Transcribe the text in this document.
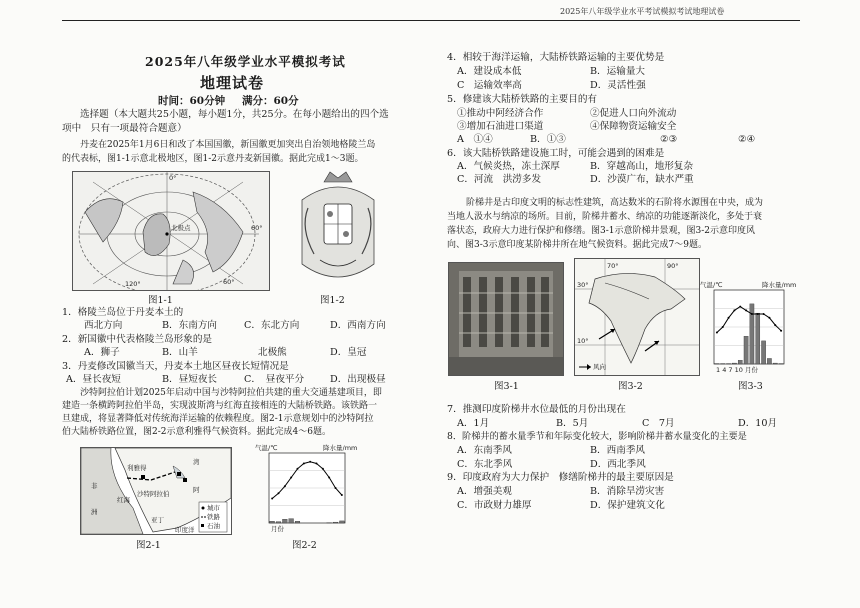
2025年八年级学业水平考试模拟考试地理试卷
2025年八年级学业水平模拟考试
地理试卷
时间：60分钟 满分：60分
选择题（本大题共25小题，每小题1分，共25分。在每小题给出的四个选
项中　只有一项最符合题意）
丹麦在2025年1月6日和改了本国国徽，新国徽更加突出自治领地格陵兰岛
的代表标，图1-1示意北极地区，图1-2示意丹麦新国徽。据此完成1～3题。
北极点
60°
120°
60°
0°
图1-1	图1-2
1．格陵兰岛位于丹麦本土的
西北方向	B．东南方向	C．东北方向	D．西南方向
2．新国徽中代表格陵兰岛形象的是
A．狮子	B．山羊	北极熊	D．皇冠
3．丹麦修改国徽当天，丹麦本土地区昼夜长短情况是
A．昼长夜短	B．昼短夜长	C．　昼夜平分	D．出现极昼
沙特阿拉伯计划2025年启动中国与沙特阿拉伯共建的重大交通基建项目，即
建造一条横跨阿拉伯半岛，实现波斯湾与红海直接相连的大陆桥铁路。该铁路一
旦建成，将显著降低对传统海洋运输的依赖程度。图2-1示意规划中的沙特阿拉
伯大陆桥铁路位置，图2-2示意利雅得气候资料。据此完成4～6题。
利雅得
沙特阿拉伯
湾
阿
红海
非
洲
亚丁
印度洋
城市
铁路
石油
图2-1
气温/℃	降水量/mm
月份
图2-2
4．相较于海洋运输，大陆桥铁路运输的主要优势是
A．建设成本低	B．运输量大
C　运输效率高	D．灵活性强
5．修建该大陆桥铁路的主要目的有
①推动中阿经济合作	②促进人口向外流动
③增加石油进口渠道	④保障物资运输安全
A　①④	B．①③	②③	②④
6．该大陆桥铁路建设施工时，可能会遇到的困难是
A．气候炎热，冻土深厚	B．穿越高山，地形复杂
C．河流　洪涝多发	D．沙漠广布，缺水严重
阶梯井是古印度文明的标志性建筑，高达数米的石阶将水源围在中央，成为
当地人汲水与纳凉的场所。目前，阶梯井蓄水、纳凉的功能逐渐淡化，多处于衰
落状态，政府大力进行保护和修缮。图3-1示意阶梯井景观，图3-2示意印度风
向、图3-3示意印度某阶梯井所在地气候资料。据此完成7～9题。
图3-1
70°	90°
30°
10°
风向
图3-2
气温/℃	降水量/mm
1 4 7 10 月份
图3-3
7．推测印度阶梯井水位最低的月份出现在
A．1月	B．5月	C　7月	D．10月
8．阶梯井的蓄水量季节和年际变化较大，影响阶梯井蓄水量变化的主要是
A．东南季风	B．西南季风
C．东北季风	D．西北季风
9．印度政府为大力保护　修缮阶梯井的最主要原因是
A．增强美观	B．消除旱涝灾害
C．市政财力雄厚	D．保护建筑文化
